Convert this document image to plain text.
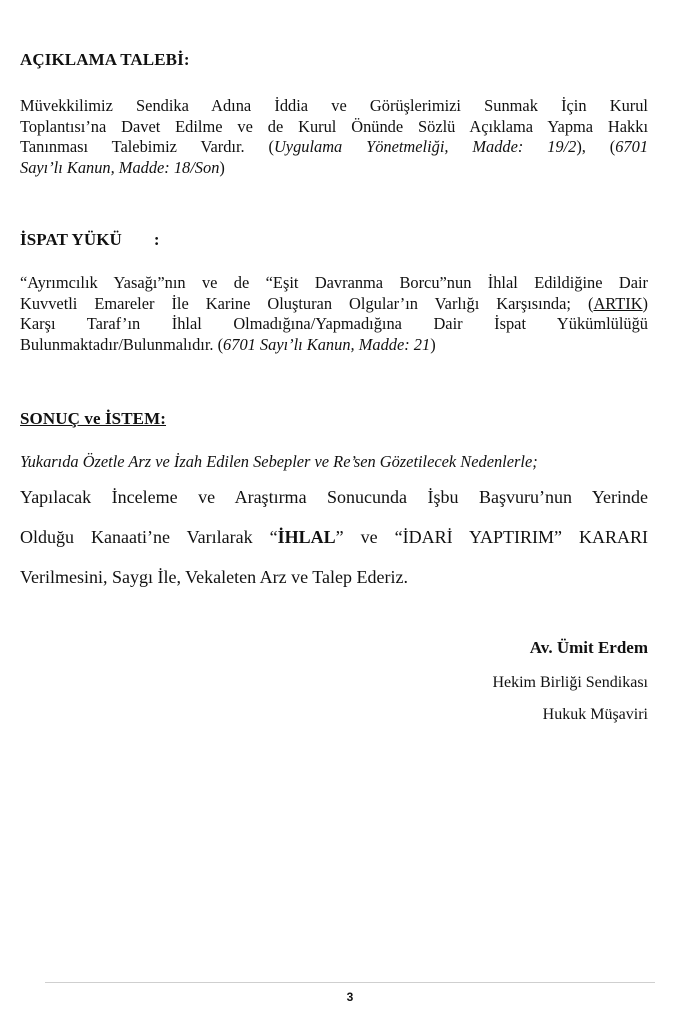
AÇIKLAMA TALEBİ:
Müvekkilimiz Sendika Adına İddia ve Görüşlerimizi Sunmak İçin Kurul
Toplantısı’na Davet Edilme ve de Kurul Önünde Sözlü Açıklama Yapma Hakkı
Tanınması Talebimiz Vardır. (Uygulama Yönetmeliği, Madde: 19/2), (6701
Sayı’lı Kanun, Madde: 18/Son)
İSPAT YÜKÜ :
“Ayrımcılık Yasağı”nın ve de “Eşit Davranma Borcu”nun İhlal Edildiğine Dair
Kuvvetli Emareler İle Karine Oluşturan Olgular’ın Varlığı Karşısında; (ARTIK)
Karşı Taraf’ın İhlal Olmadığına/Yapmadığına Dair İspat Yükümlülüğü
Bulunmaktadır/Bulunmalıdır. (6701 Sayı’lı Kanun, Madde: 21)
SONUÇ ve İSTEM:
Yukarıda Özetle Arz ve İzah Edilen Sebepler ve Re’sen Gözetilecek Nedenlerle;
Yapılacak İnceleme ve Araştırma Sonucunda İşbu Başvuru’nun Yerinde
Olduğu Kanaati’ne Varılarak “İHLAL” ve “İDARİ YAPTIRIM” KARARI
Verilmesini, Saygı İle, Vekaleten Arz ve Talep Ederiz.
Av. Ümit Erdem
Hekim Birliği Sendikası
Hukuk Müşaviri
3
